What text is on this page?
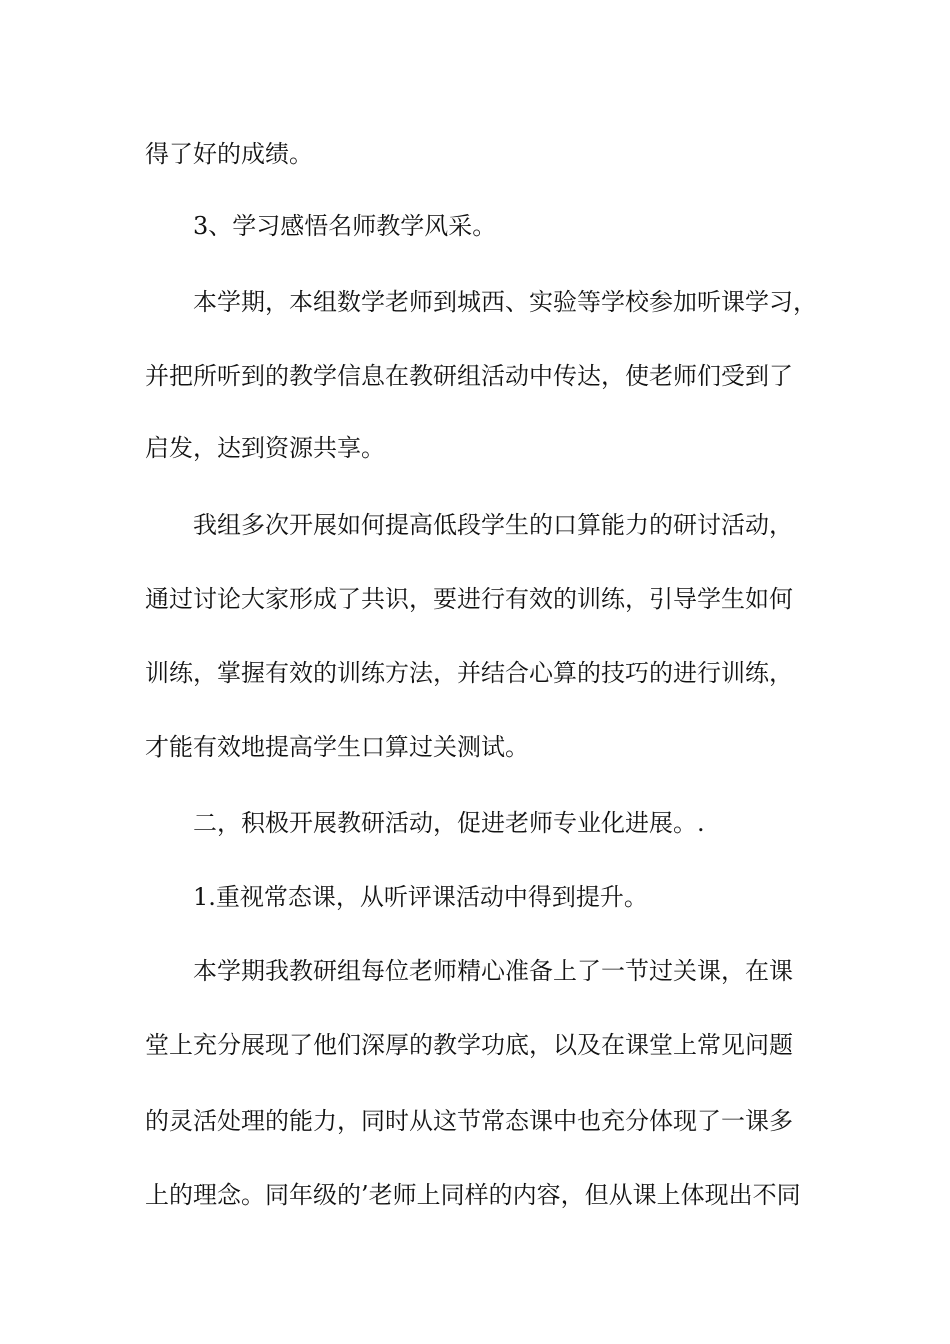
得了好的成绩。
3、学习感悟名师教学风采。
本学期，本组数学老师到城西、实验等学校参加听课学习，
并把所听到的教学信息在教研组活动中传达，使老师们受到了
启发，达到资源共享。
我组多次开展如何提高低段学生的口算能力的研讨活动，
通过讨论大家形成了共识，要进行有效的训练，引导学生如何
训练，掌握有效的训练方法，并结合心算的技巧的进行训练，
才能有效地提高学生口算过关测试。
二，积极开展教研活动，促进老师专业化进展。.
1.重视常态课，从听评课活动中得到提升。
本学期我教研组每位老师精心准备上了一节过关课，在课
堂上充分展现了他们深厚的教学功底，以及在课堂上常见问题
的灵活处理的能力，同时从这节常态课中也充分体现了一课多
上的理念。同年级的’老师上同样的内容，但从课上体现出不同
